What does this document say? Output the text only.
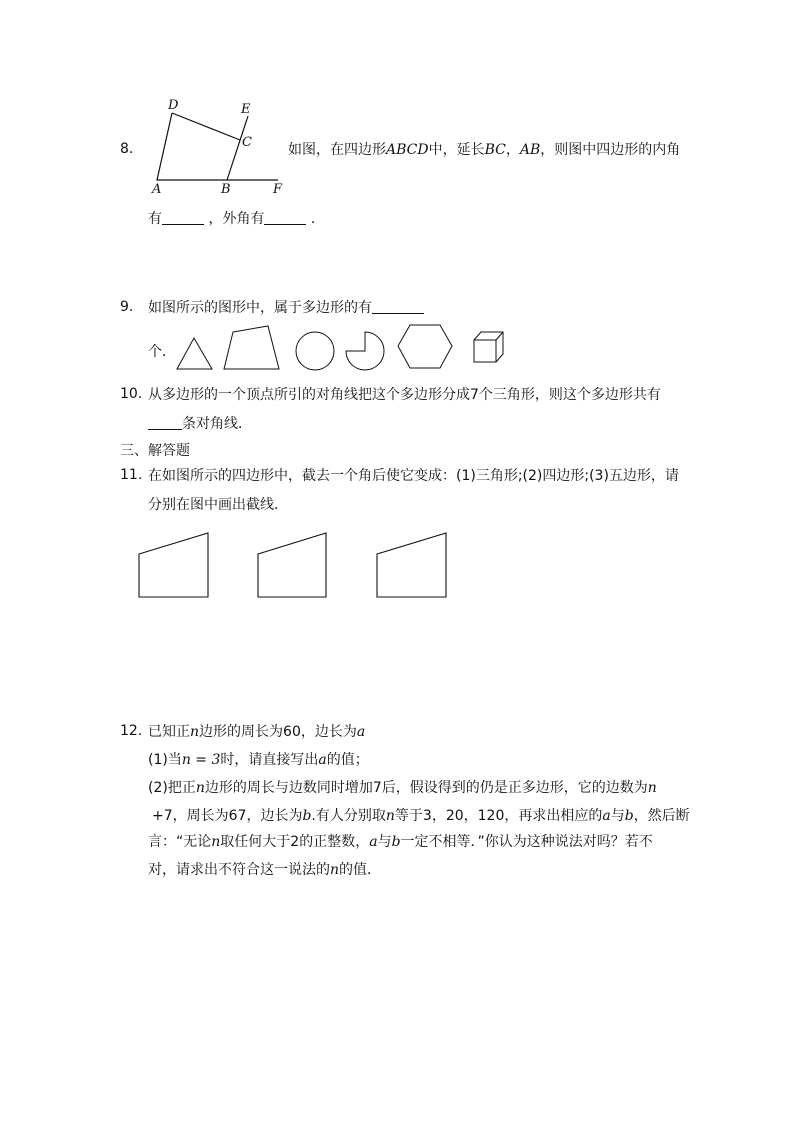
8.
D	E
C
A	B	F
如图，在四边形ABCD中，延长BC，AB，则图中四边形的内角
有	，外角有	．
9. 如图所示的图形中，属于多边形的有
个．
10. 从多边形的一个顶点所引的对角线把这个多边形分成7个三角形，则这个多边形共有
条对角线．
三、解答题
11. 在如图所示的四边形中，截去一个角后使它变成：(1)三角形;(2)四边形;(3)五边形，请
分别在图中画出截线．
12. 已知正n边形的周长为60，边长为a
(1)当n = 3时，请直接写出a的值；
(2)把正n边形的周长与边数同时增加7后，假设得到的仍是正多边形，它的边数为n
+7，周长为67，边长为b.有人分别取n等于3，20，120，再求出相应的a与b，然后断
言：“无论n取任何大于2的正整数，a与b一定不相等．”你认为这种说法对吗？若不
对，请求出不符合这一说法的n的值．
